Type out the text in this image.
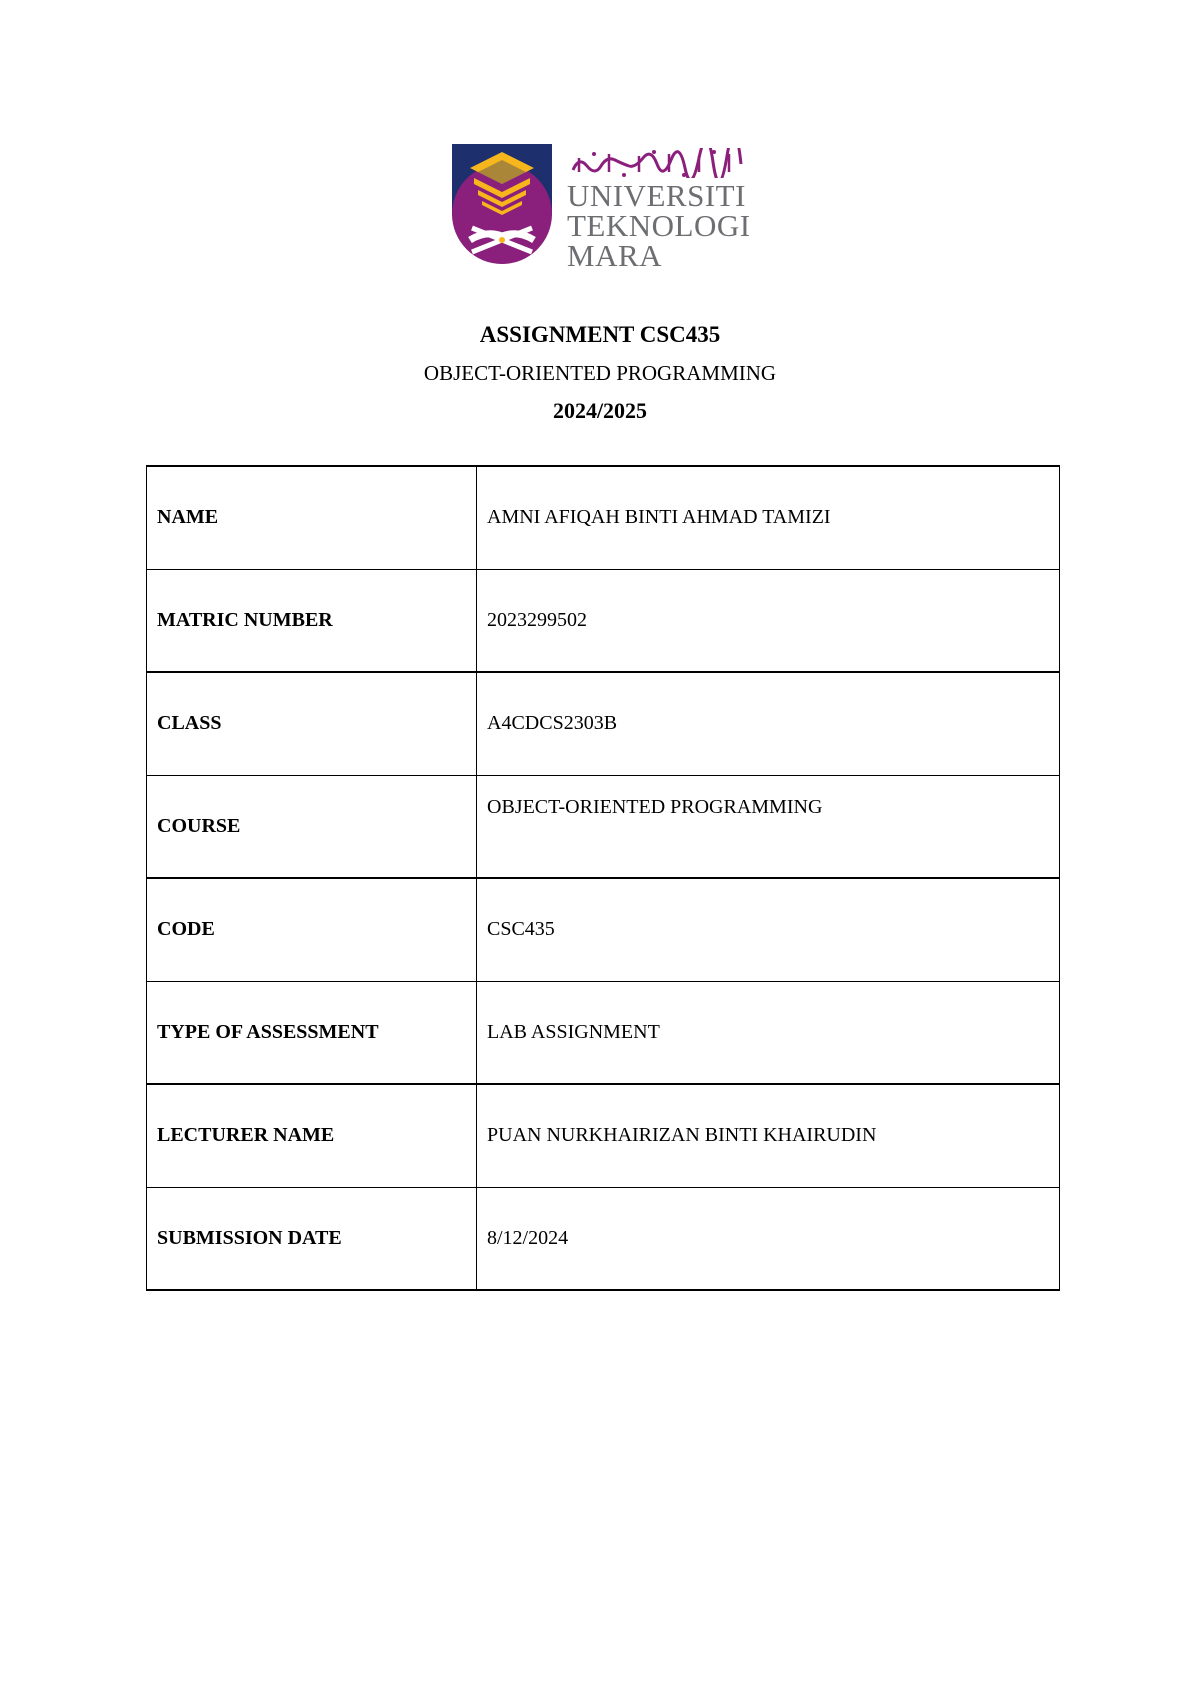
UNIVERSITI
TEKNOLOGI
MARA
ASSIGNMENT CSC435
OBJECT-ORIENTED PROGRAMMING
2024/2025
NAME	AMNI AFIQAH BINTI AHMAD TAMIZI
MATRIC NUMBER	2023299502
CLASS	A4CDCS2303B
COURSE	OBJECT-ORIENTED PROGRAMMING
CODE	CSC435
TYPE OF ASSESSMENT	LAB ASSIGNMENT
LECTURER NAME	PUAN NURKHAIRIZAN BINTI KHAIRUDIN
SUBMISSION DATE	8/12/2024
